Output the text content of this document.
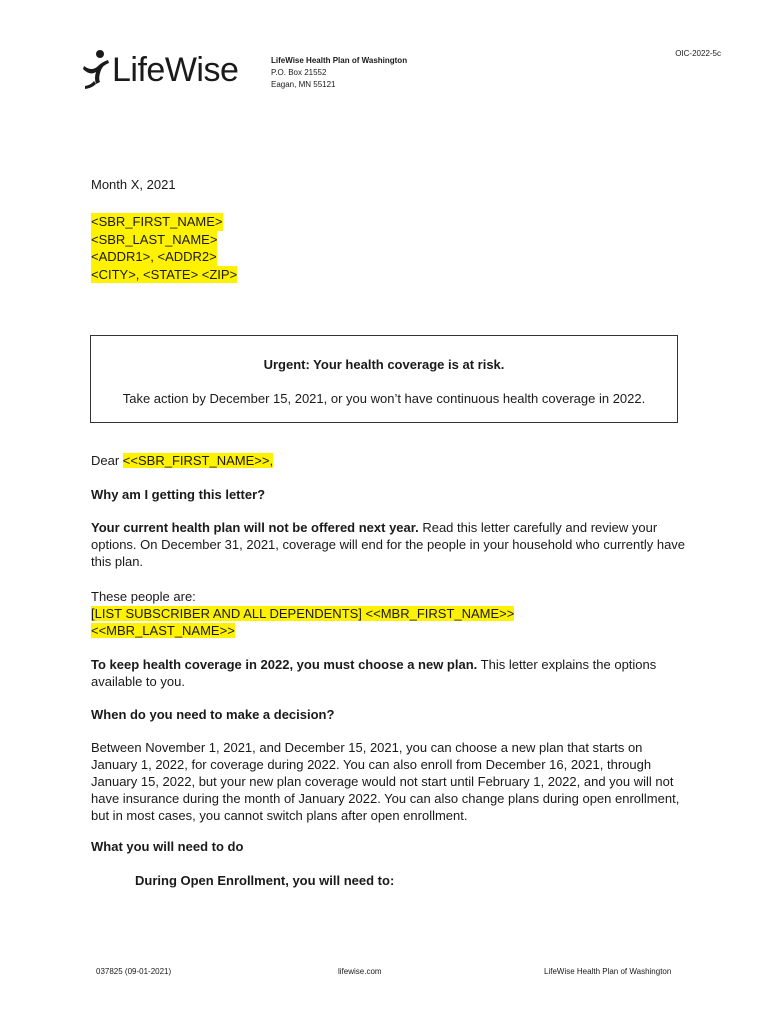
OIC-2022-5c
LifeWise	LifeWise Health Plan of Washington
P.O. Box 21552
Eagan, MN 55121
Month X, 2021
<SBR_FIRST_NAME>
<SBR_LAST_NAME>
<ADDR1>, <ADDR2>
<CITY>, <STATE> <ZIP>
Urgent: Your health coverage is at risk.
Take action by December 15, 2021, or you won’t have continuous health coverage in 2022.
Dear <<SBR_FIRST_NAME>>,
Why am I getting this letter?
Your current health plan will not be offered next year. Read this letter carefully and review your options. On December 31, 2021, coverage will end for the people in your household who currently have this plan.
These people are:
[LIST SUBSCRIBER AND ALL DEPENDENTS] <<MBR_FIRST_NAME>>
<<MBR_LAST_NAME>>
To keep health coverage in 2022, you must choose a new plan. This letter explains the options available to you.
When do you need to make a decision?
Between November 1, 2021, and December 15, 2021, you can choose a new plan that starts on January 1, 2022, for coverage during 2022. You can also enroll from December 16, 2021, through January 15, 2022, but your new plan coverage would not start until February 1, 2022, and you will not have insurance during the month of January 2022. You can also change plans during open enrollment, but in most cases, you cannot switch plans after open enrollment.
What you will need to do
During Open Enrollment, you will need to:
037825 (09-01-2021)	lifewise.com	LifeWise Health Plan of Washington
